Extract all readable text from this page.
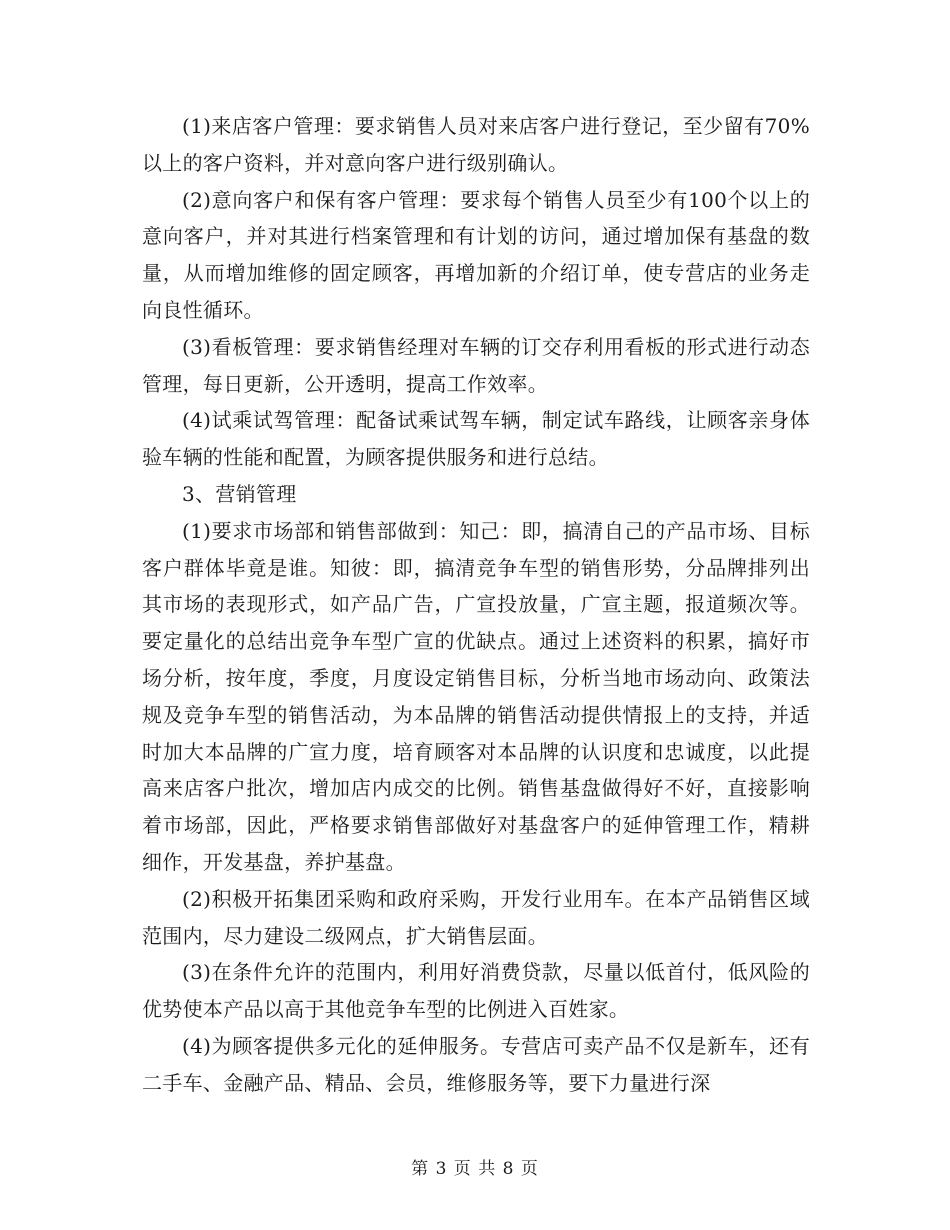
(1)来店客户管理：要求销售人员对来店客户进行登记，至少留有70%以上的客户资料，并对意向客户进行级别确认。

(2)意向客户和保有客户管理：要求每个销售人员至少有100个以上的意向客户，并对其进行档案管理和有计划的访问，通过增加保有基盘的数量，从而增加维修的固定顾客，再增加新的介绍订单，使专营店的业务走向良性循环。

(3)看板管理：要求销售经理对车辆的订交存利用看板的形式进行动态管理，每日更新，公开透明，提高工作效率。

(4)试乘试驾管理：配备试乘试驾车辆，制定试车路线，让顾客亲身体验车辆的性能和配置，为顾客提供服务和进行总结。

3、营销管理

(1)要求市场部和销售部做到：知己：即，搞清自己的产品市场、目标客户群体毕竟是谁。知彼：即，搞清竞争车型的销售形势，分品牌排列出其市场的表现形式，如产品广告，广宣投放量，广宣主题，报道频次等。要定量化的总结出竞争车型广宣的优缺点。通过上述资料的积累，搞好市场分析，按年度，季度，月度设定销售目标，分析当地市场动向、政策法规及竞争车型的销售活动，为本品牌的销售活动提供情报上的支持，并适时加大本品牌的广宣力度，培育顾客对本品牌的认识度和忠诚度，以此提高来店客户批次，增加店内成交的比例。销售基盘做得好不好，直接影响着市场部，因此，严格要求销售部做好对基盘客户的延伸管理工作，精耕细作，开发基盘，养护基盘。

(2)积极开拓集团采购和政府采购，开发行业用车。在本产品销售区域范围内，尽力建设二级网点，扩大销售层面。

(3)在条件允许的范围内，利用好消费贷款，尽量以低首付，低风险的优势使本产品以高于其他竞争车型的比例进入百姓家。

(4)为顾客提供多元化的延伸服务。专营店可卖产品不仅是新车，还有二手车、金融产品、精品、会员，维修服务等，要下力量进行深

第 3 页 共 8 页
